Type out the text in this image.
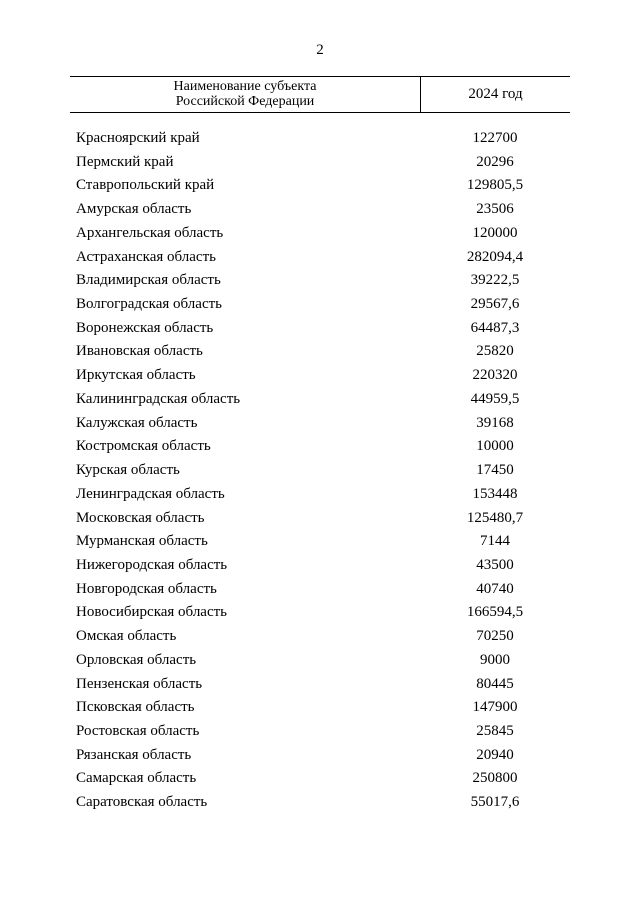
2
Наименование субъекта
Российской Федерации	2024 год
Красноярский край	122700
Пермский край	20296
Ставропольский край	129805,5
Амурская область	23506
Архангельская область	120000
Астраханская область	282094,4
Владимирская область	39222,5
Волгоградская область	29567,6
Воронежская область	64487,3
Ивановская область	25820
Иркутская область	220320
Калининградская область	44959,5
Калужская область	39168
Костромская область	10000
Курская область	17450
Ленинградская область	153448
Московская область	125480,7
Мурманская область	7144
Нижегородская область	43500
Новгородская область	40740
Новосибирская область	166594,5
Омская область	70250
Орловская область	9000
Пензенская область	80445
Псковская область	147900
Ростовская область	25845
Рязанская область	20940
Самарская область	250800
Саратовская область	55017,6
